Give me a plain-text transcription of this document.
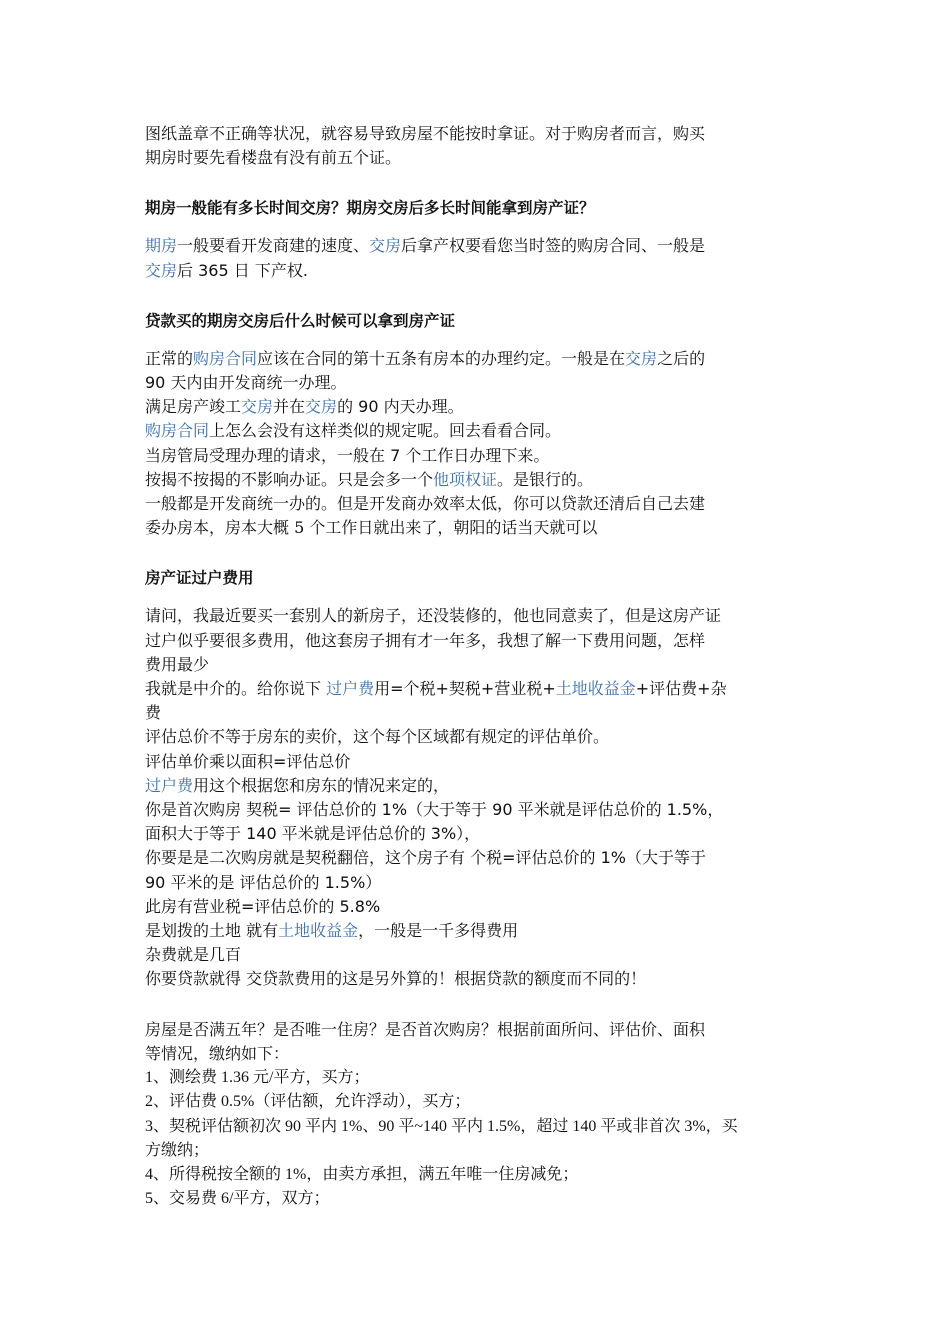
图纸盖章不正确等状况，就容易导致房屋不能按时拿证。对于购房者而言，购买
期房时要先看楼盘有没有前五个证。
期房一般能有多长时间交房？期房交房后多长时间能拿到房产证？
期房一般要看开发商建的速度、交房后拿产权要看您当时签的购房合同、一般是
交房后 365 日 下产权.
贷款买的期房交房后什么时候可以拿到房产证
正常的购房合同应该在合同的第十五条有房本的办理约定。一般是在交房之后的
90 天内由开发商统一办理。
满足房产竣工交房并在交房的 90 内天办理。
购房合同上怎么会没有这样类似的规定呢。回去看看合同。
当房管局受理办理的请求，一般在 7 个工作日办理下来。
按揭不按揭的不影响办证。只是会多一个他项权证。是银行的。
一般都是开发商统一办的。但是开发商办效率太低，你可以贷款还清后自己去建
委办房本，房本大概 5 个工作日就出来了，朝阳的话当天就可以
房产证过户费用
请问，我最近要买一套别人的新房子，还没装修的，他也同意卖了，但是这房产证
过户似乎要很多费用，他这套房子拥有才一年多，我想了解一下费用问题，怎样
费用最少
我就是中介的。给你说下 过户费用=个税+契税+营业税+土地收益金+评估费+杂
费
评估总价不等于房东的卖价，这个每个区域都有规定的评估单价。
评估单价乘以面积=评估总价
过户费用这个根据您和房东的情况来定的，
你是首次购房 契税= 评估总价的 1%（大于等于 90 平米就是评估总价的 1.5%，
面积大于等于 140 平米就是评估总价的 3%），
你要是是二次购房就是契税翻倍，这个房子有 个税=评估总价的 1%（大于等于
90 平米的是 评估总价的 1.5%）
此房有营业税=评估总价的 5.8%
是划拨的土地 就有土地收益金，一般是一千多得费用
杂费就是几百
你要贷款就得 交贷款费用的这是另外算的！根据贷款的额度而不同的！
房屋是否满五年？是否唯一住房？是否首次购房？根据前面所问、评估价、面积
等情况，缴纳如下：
1、测绘费 1.36 元/平方，买方；
2、评估费 0.5%（评估额，允许浮动），买方；
3、契税评估额初次 90 平内 1%、90 平~140 平内 1.5%，超过 140 平或非首次 3%，买
方缴纳；
4、所得税按全额的 1%，由卖方承担，满五年唯一住房减免；
5、交易费 6/平方，双方；
